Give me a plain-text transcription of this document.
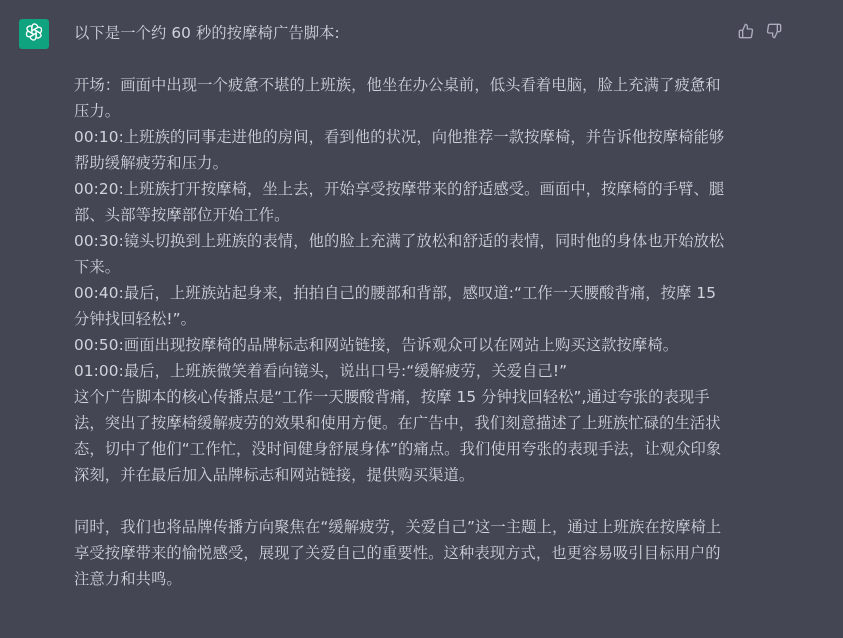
以下是一个约 60 秒的按摩椅广告脚本:

开场：画面中出现一个疲惫不堪的上班族，他坐在办公桌前，低头看着电脑，脸上充满了疲惫和压力。

00:10:上班族的同事走进他的房间，看到他的状况，向他推荐一款按摩椅，并告诉他按摩椅能够帮助缓解疲劳和压力。

00:20:上班族打开按摩椅，坐上去，开始享受按摩带来的舒适感受。画面中，按摩椅的手臂、腿部、头部等按摩部位开始工作。

00:30:镜头切换到上班族的表情，他的脸上充满了放松和舒适的表情，同时他的身体也开始放松下来。

00:40:最后，上班族站起身来，拍拍自己的腰部和背部，感叹道:“工作一天腰酸背痛，按摩 15 分钟找回轻松!”。

00:50:画面出现按摩椅的品牌标志和网站链接，告诉观众可以在网站上购买这款按摩椅。

01:00:最后，上班族微笑着看向镜头，说出口号:“缓解疲劳，关爱自己!”

这个广告脚本的核心传播点是“工作一天腰酸背痛，按摩 15 分钟找回轻松”,通过夸张的表现手法，突出了按摩椅缓解疲劳的效果和使用方便。在广告中，我们刻意描述了上班族忙碌的生活状态，切中了他们“工作忙，没时间健身舒展身体”的痛点。我们使用夸张的表现手法，让观众印象深刻，并在最后加入品牌标志和网站链接，提供购买渠道。

同时，我们也将品牌传播方向聚焦在“缓解疲劳，关爱自己”这一主题上，通过上班族在按摩椅上享受按摩带来的愉悦感受，展现了关爱自己的重要性。这种表现方式，也更容易吸引目标用户的注意力和共鸣。
